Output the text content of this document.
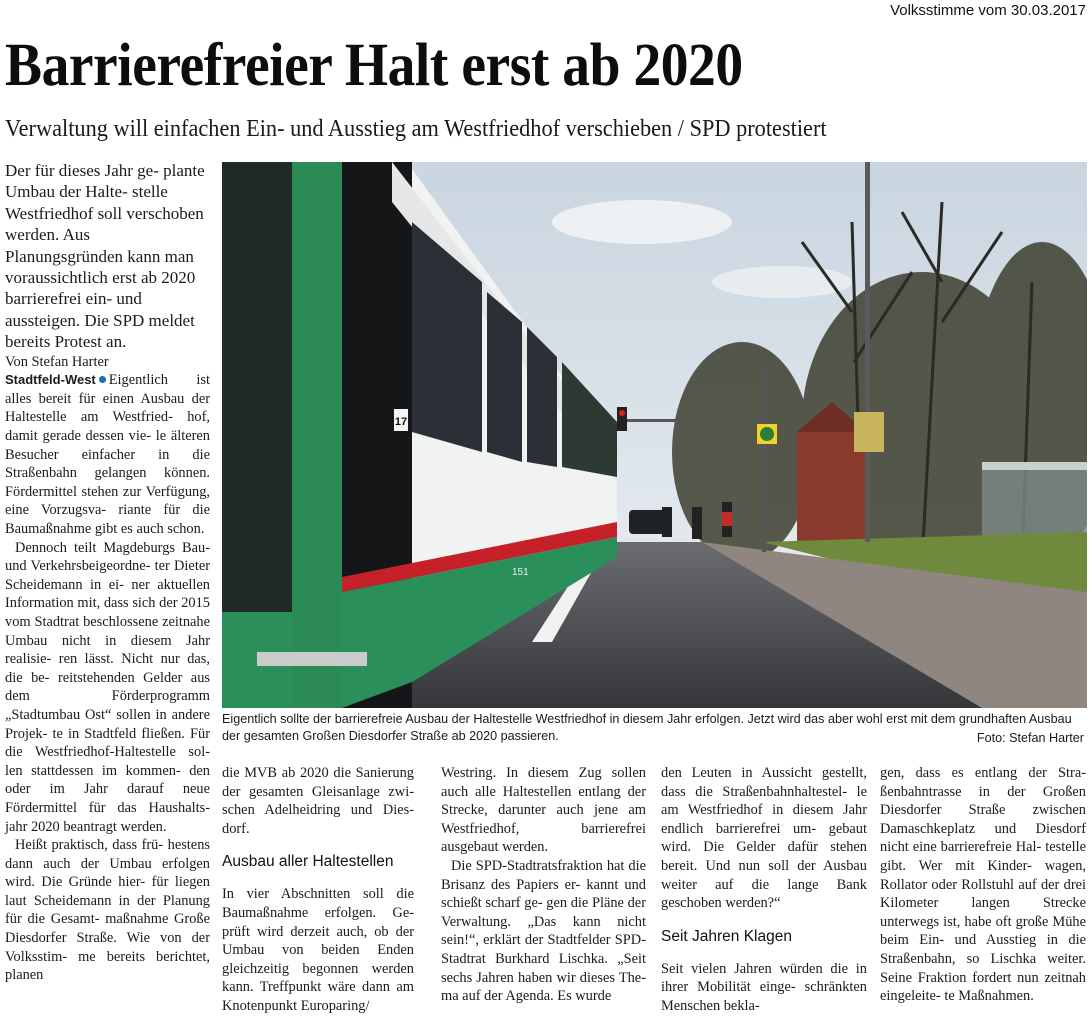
Volksstimme vom 30.03.2017
Barrierefreier Halt erst ab 2020
Verwaltung will einfachen Ein- und Ausstieg am Westfriedhof verschieben / SPD protestiert

Der für dieses Jahr ge- plante Umbau der Halte- stelle Westfriedhof soll verschoben werden. Aus Planungsgründen kann man voraussichtlich erst ab 2020 barrierefrei ein- und aussteigen. Die SPD meldet bereits Protest an.

Von Stefan Harter

Stadtfeld-West Eigentlich ist alles bereit für einen Ausbau der Haltestelle am Westfried- hof, damit gerade dessen vie- le älteren Besucher einfacher in die Straßenbahn gelangen können. Fördermittel stehen zur Verfügung, eine Vorzugsva- riante für die Baumaßnahme gibt es auch schon.

Dennoch teilt Magdeburgs Bau- und Verkehrsbeigeordne- ter Dieter Scheidemann in ei- ner aktuellen Information mit, dass sich der 2015 vom Stadtrat beschlossene zeitnahe Umbau nicht in diesem Jahr realisie- ren lässt. Nicht nur das, die be- reitstehenden Gelder aus dem Förderprogramm „Stadtumbau Ost“ sollen in andere Projek- te in Stadtfeld fließen. Für die Westfriedhof-Haltestelle sol- len stattdessen im kommen- den oder im Jahr darauf neue Fördermittel für das Haushalts- jahr 2020 beantragt werden.

Heißt praktisch, dass frü- hestens dann auch der Umbau erfolgen wird. Die Gründe hier- für liegen laut Scheidemann in der Planung für die Gesamt- maßnahme Große Diesdorfer Straße. Wie von der Volksstim- me bereits berichtet, planen

17
151
Eigentlich sollte der barrierefreie Ausbau der Haltestelle Westfriedhof in diesem Jahr erfolgen. Jetzt wird das aber wohl erst mit dem grundhaften Ausbau der gesamten Großen Diesdorfer Straße ab 2020 passieren.	Foto: Stefan Harter

die MVB ab 2020 die Sanierung der gesamten Gleisanlage zwi- schen Adelheidring und Dies- dorf.

Ausbau aller Haltestellen

In vier Abschnitten soll die Baumaßnahme erfolgen. Ge- prüft wird derzeit auch, ob der Umbau von beiden Enden gleichzeitig begonnen werden kann. Treffpunkt wäre dann am Knotenpunkt Europaring/

Westring. In diesem Zug sollen auch alle Haltestellen entlang der Strecke, darunter auch jene am Westfriedhof, barrierefrei ausgebaut werden.

Die SPD-Stadtratsfraktion hat die Brisanz des Papiers er- kannt und schießt scharf ge- gen die Pläne der Verwaltung. „Das kann nicht sein!“, erklärt der Stadtfelder SPD-Stadtrat Burkhard Lischka. „Seit sechs Jahren haben wir dieses The- ma auf der Agenda. Es wurde

den Leuten in Aussicht gestellt, dass die Straßenbahnhaltestel- le am Westfriedhof in diesem Jahr endlich barrierefrei um- gebaut wird. Die Gelder dafür stehen bereit. Und nun soll der Ausbau weiter auf die lange Bank geschoben werden?“

Seit Jahren Klagen

Seit vielen Jahren würden die in ihrer Mobilität einge- schränkten Menschen bekla-

gen, dass es entlang der Stra- ßenbahntrasse in der Großen Diesdorfer Straße zwischen Damaschkeplatz und Diesdorf nicht eine barrierefreie Hal- testelle gibt. Wer mit Kinder- wagen, Rollator oder Rollstuhl auf der drei Kilometer langen Strecke unterwegs ist, habe oft große Mühe beim Ein- und Ausstieg in die Straßenbahn, so Lischka weiter. Seine Fraktion fordert nun zeitnah eingeleite- te Maßnahmen.
